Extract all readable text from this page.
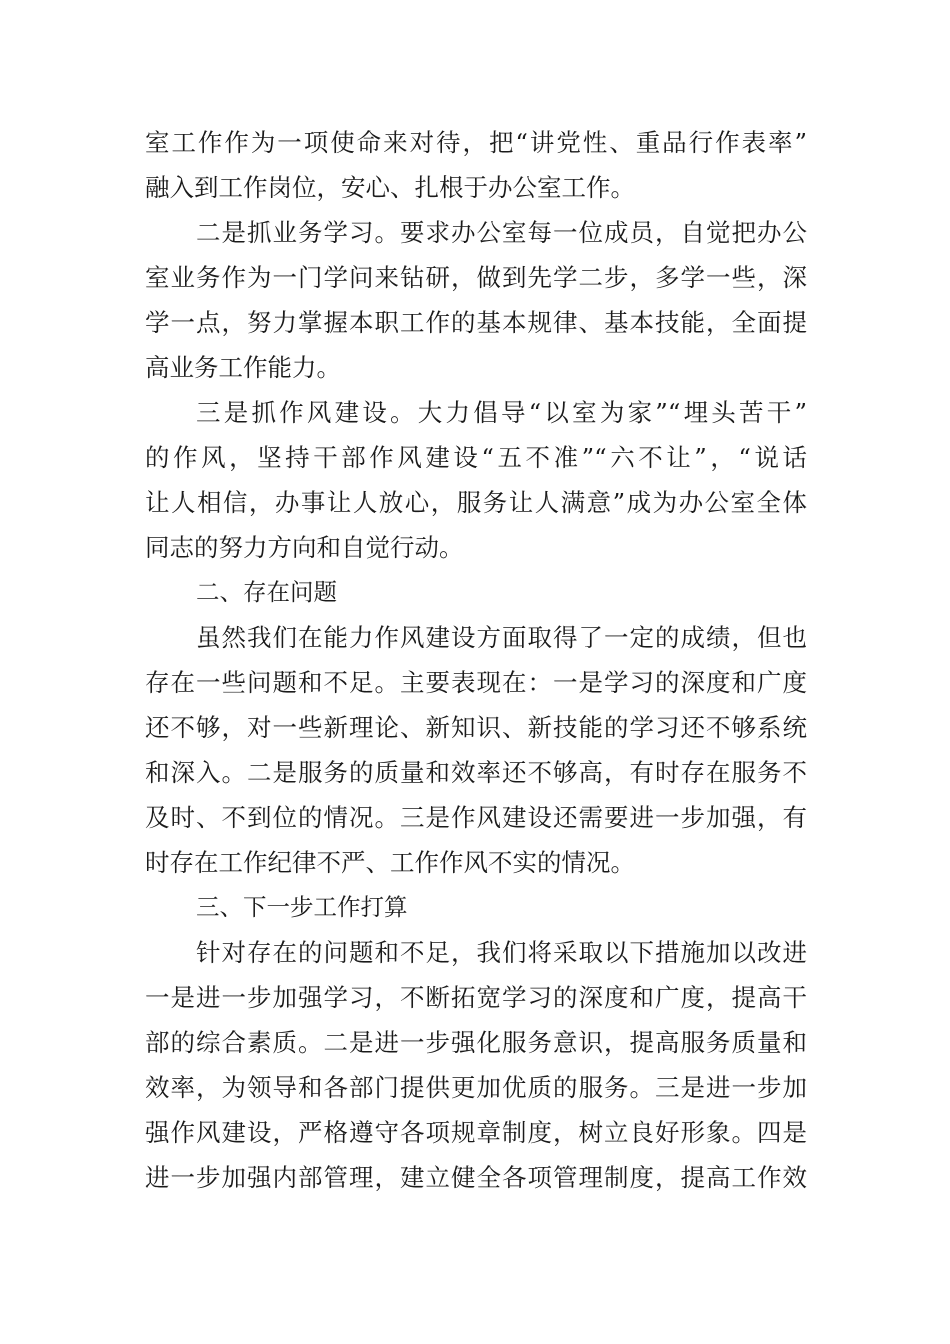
室工作作为一项使命来对待，把“讲党性、重品行作表率”
融入到工作岗位，安心、扎根于办公室工作。
二是抓业务学习。要求办公室每一位成员，自觉把办公
室业务作为一门学问来钻研，做到先学二步，多学一些，深
学一点，努力掌握本职工作的基本规律、基本技能，全面提
高业务工作能力。
三是抓作风建设。大力倡导“以室为家”“埋头苦干”
的作风，坚持干部作风建设“五不准”“六不让”，“说话
让人相信，办事让人放心，服务让人满意”成为办公室全体
同志的努力方向和自觉行动。
二、存在问题
虽然我们在能力作风建设方面取得了一定的成绩，但也
存在一些问题和不足。主要表现在：一是学习的深度和广度
还不够，对一些新理论、新知识、新技能的学习还不够系统
和深入。二是服务的质量和效率还不够高，有时存在服务不
及时、不到位的情况。三是作风建设还需要进一步加强，有
时存在工作纪律不严、工作作风不实的情况。
三、下一步工作打算
针对存在的问题和不足，我们将采取以下措施加以改进
一是进一步加强学习，不断拓宽学习的深度和广度，提高干
部的综合素质。二是进一步强化服务意识，提高服务质量和
效率，为领导和各部门提供更加优质的服务。三是进一步加
强作风建设，严格遵守各项规章制度，树立良好形象。四是
进一步加强内部管理，建立健全各项管理制度，提高工作效
